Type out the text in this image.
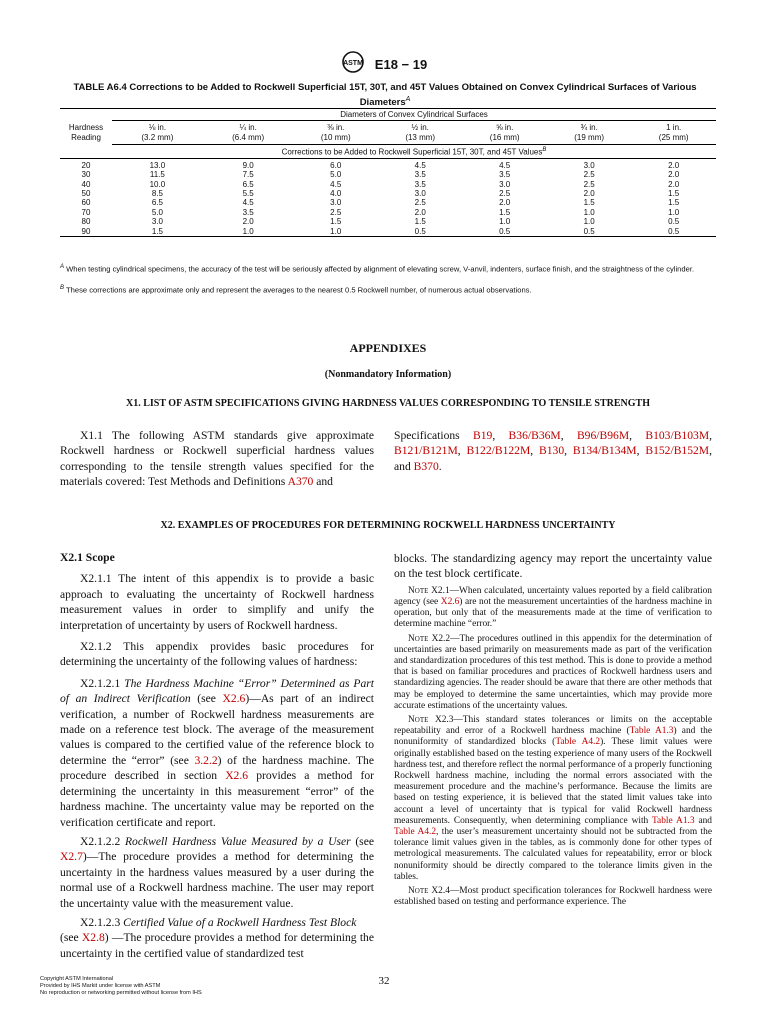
ASTM E18 − 19
TABLE A6.4 Corrections to be Added to Rockwell Superficial 15T, 30T, and 45T Values Obtained on Convex Cylindrical Surfaces of Various Diameters$^A$
	Diameters of Convex Cylindrical Surfaces						
Hardness	⅛ in.	¼ in.	⅜ in.	½ in.	⅝ in.	¾ in.	1 in.
Reading	(3.2 mm)	(6.4 mm)	(10 mm)	(13 mm)	(16 mm)	(19 mm)	(25 mm)
	Corrections to be Added to Rockwell Superficial 15T, 30T, and 45T Values$^B$
20	13.0	9.0	6.0	4.5	4.5	3.0	2.0
30	11.5	7.5	5.0	3.5	3.5	2.5	2.0
40	10.0	6.5	4.5	3.5	3.0	2.5	2.0
50	8.5	5.5	4.0	3.0	2.5	2.0	1.5
60	6.5	4.5	3.0	2.5	2.0	1.5	1.5
70	5.0	3.5	2.5	2.0	1.5	1.0	1.0
80	3.0	2.0	1.5	1.5	1.0	1.0	0.5
90	1.5	1.0	1.0	0.5	0.5	0.5	0.5
$^A$ When testing cylindrical specimens, the accuracy of the test will be seriously affected by alignment of elevating screw, V-anvil, indenters, surface finish, and the straightness of the cylinder.
$^B$ These corrections are approximate only and represent the averages to the nearest 0.5 Rockwell number, of numerous actual observations.
APPENDIXES
(Nonmandatory Information)
X1. LIST OF ASTM SPECIFICATIONS GIVING HARDNESS VALUES CORRESPONDING TO TENSILE STRENGTH

X1.1 The following ASTM standards give approximate Rockwell hardness or Rockwell superficial hardness values corresponding to the tensile strength values specified for the materials covered: Test Methods and Definitions A370 and

Specifications B19, B36/B36M, B96/B96M, B103/B103M, B121/B121M, B122/B122M, B130, B134/B134M, B152/B152M, and B370.

X2. EXAMPLES OF PROCEDURES FOR DETERMINING ROCKWELL HARDNESS UNCERTAINTY

X2.1 Scope

X2.1.1 The intent of this appendix is to provide a basic approach to evaluating the uncertainty of Rockwell hardness measurement values in order to simplify and unify the interpretation of uncertainty by users of Rockwell hardness.

X2.1.2 This appendix provides basic procedures for determining the uncertainty of the following values of hardness:

X2.1.2.1 The Hardness Machine “Error” Determined as Part of an Indirect Verification (see X2.6)—As part of an indirect verification, a number of Rockwell hardness measurements are made on a reference test block. The average of the measurement values is compared to the certified value of the reference block to determine the “error” (see 3.2.2) of the hardness machine. The procedure described in section X2.6 provides a method for determining the uncertainty in this measurement “error” of the hardness machine. The uncertainty value may be reported on the verification certificate and report.

X2.1.2.2 Rockwell Hardness Value Measured by a User (see X2.7)—The procedure provides a method for determining the uncertainty in the hardness values measured by a user during the normal use of a Rockwell hardness machine. The user may report the uncertainty value with the measurement value.

X2.1.2.3 Certified Value of a Rockwell Hardness Test Block
(see X2.8) —The procedure provides a method for determining the uncertainty in the certified value of standardized test

blocks. The standardizing agency may report the uncertainty value on the test block certificate.

Note X2.1—When calculated, uncertainty values reported by a field calibration agency (see X2.6) are not the measurement uncertainties of the hardness machine in operation, but only that of the measurements made at the time of verification to determine machine “error.”

Note X2.2—The procedures outlined in this appendix for the determination of uncertainties are based primarily on measurements made as part of the verification and standardization procedures of this test method. This is done to provide a method that is based on familiar procedures and practices of Rockwell hardness users and standardizing agencies. The reader should be aware that there are other methods that may be employed to determine the same uncertainties, which may provide more accurate estimations of the uncertainty values.

Note X2.3—This standard states tolerances or limits on the acceptable repeatability and error of a Rockwell hardness machine (Table A1.3) and the nonuniformity of standardized blocks (Table A4.2). These limit values were originally established based on the testing experience of many users of the Rockwell hardness test, and therefore reflect the normal performance of a properly functioning Rockwell hardness machine, including the normal errors associated with the measurement procedure and the machine’s performance. Because the limits are based on testing experience, it is believed that the stated limit values take into account a level of uncertainty that is typical for valid Rockwell hardness measurements. Consequently, when determining compliance with Table A1.3 and Table A4.2, the user’s measurement uncertainty should not be subtracted from the tolerance limit values given in the tables, as is commonly done for other types of metrological measurements. The calculated values for repeatability, error or block nonuniformity should be directly compared to the tolerance limits given in the tables.

Note X2.4—Most product specification tolerances for Rockwell hardness were established based on testing and performance experience. The

Copyright ASTM International
Provided by IHS Markit under license with ASTM
No reproduction or networking permitted without license from IHS
32
